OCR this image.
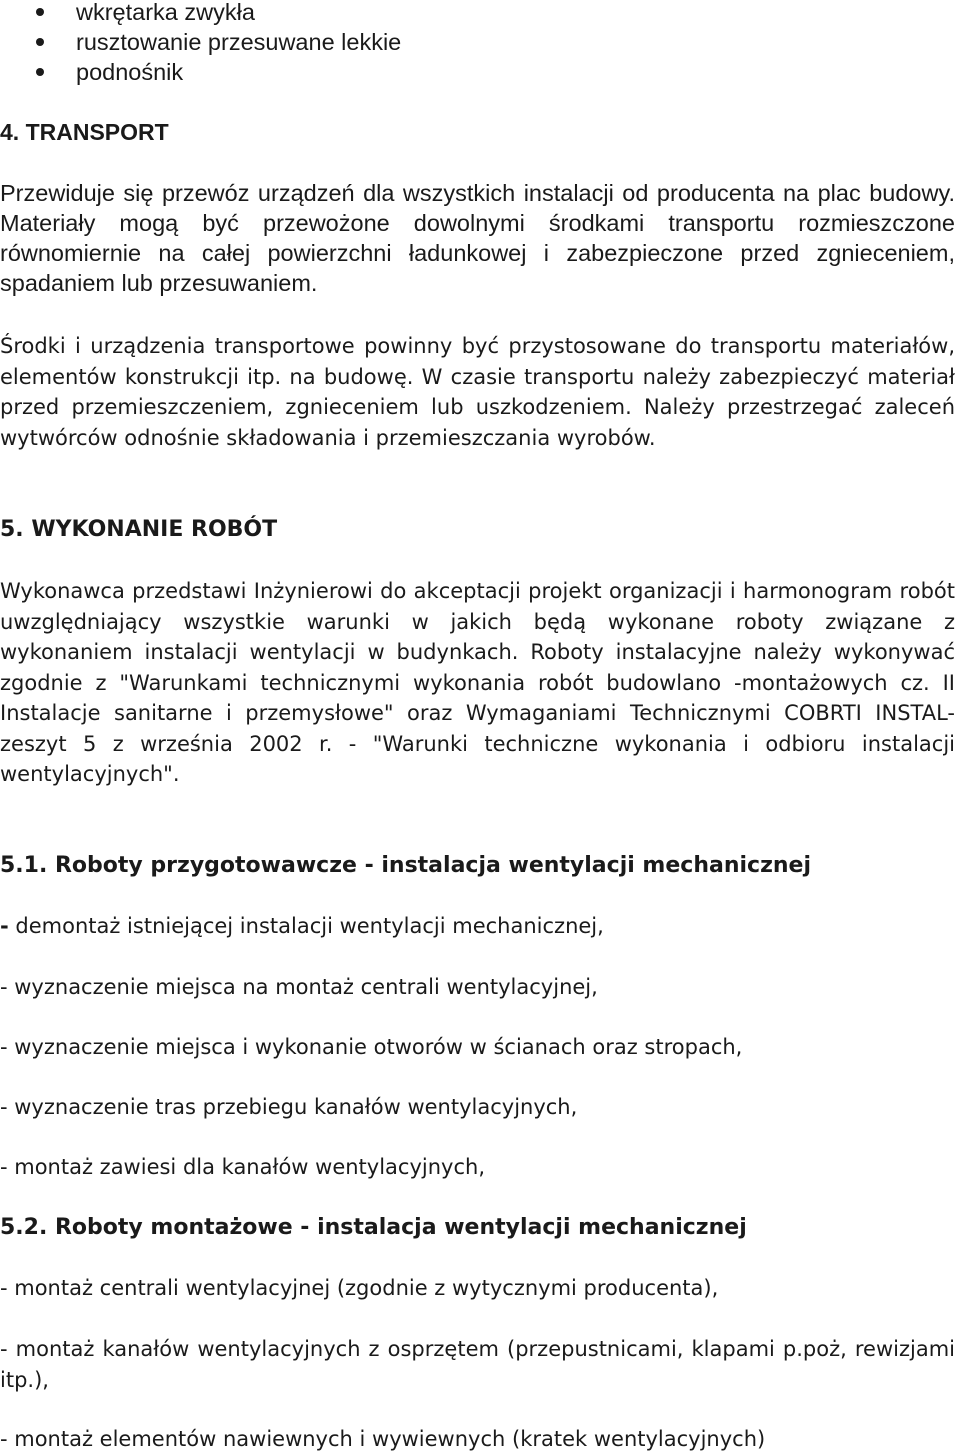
wkrętarka zwykła
rusztowanie przesuwane lekkie
podnośnik
4. TRANSPORT

Przewiduje się przewóz urządzeń dla wszystkich instalacji od producenta na plac budowy. Materiały mogą być przewożone dowolnymi środkami transportu rozmieszczone równomiernie na całej powierzchni ładunkowej i zabezpieczone przed zgnieceniem, spadaniem lub przesuwaniem.

Środki i urządzenia transportowe powinny być przystosowane do transportu materiałów, elementów konstrukcji itp. na budowę. W czasie transportu należy zabezpieczyć materiał przed przemieszczeniem, zgnieceniem lub uszkodzeniem. Należy przestrzegać zaleceń wytwórców odnośnie składowania i przemieszczania wyrobów.

5. WYKONANIE ROBÓT

Wykonawca przedstawi Inżynierowi do akceptacji projekt organizacji i harmonogram robót uwzględniający wszystkie warunki w jakich będą wykonane roboty związane z wykonaniem instalacji wentylacji w budynkach. Roboty instalacyjne należy wykonywać zgodnie z "Warunkami technicznymi wykonania robót budowlano -montażowych cz. II Instalacje sanitarne i przemysłowe" oraz Wymaganiami Technicznymi COBRTI INSTAL- zeszyt 5 z września 2002 r. - "Warunki techniczne wykonania i odbioru instalacji wentylacyjnych".

5.1. Roboty przygotowawcze - instalacja wentylacji mechanicznej
- demontaż istniejącej instalacji wentylacji mechanicznej,
- wyznaczenie miejsca na montaż centrali wentylacyjnej,
- wyznaczenie miejsca i wykonanie otworów w ścianach oraz stropach,
- wyznaczenie tras przebiegu kanałów wentylacyjnych,
- montaż zawiesi dla kanałów wentylacyjnych,
5.2. Roboty montażowe - instalacja wentylacji mechanicznej
- montaż centrali wentylacyjnej (zgodnie z wytycznymi producenta),

- montaż kanałów wentylacyjnych z osprzętem (przepustnicami, klapami p.poż, rewizjami itp.),

- montaż elementów nawiewnych i wywiewnych (kratek wentylacyjnych)
